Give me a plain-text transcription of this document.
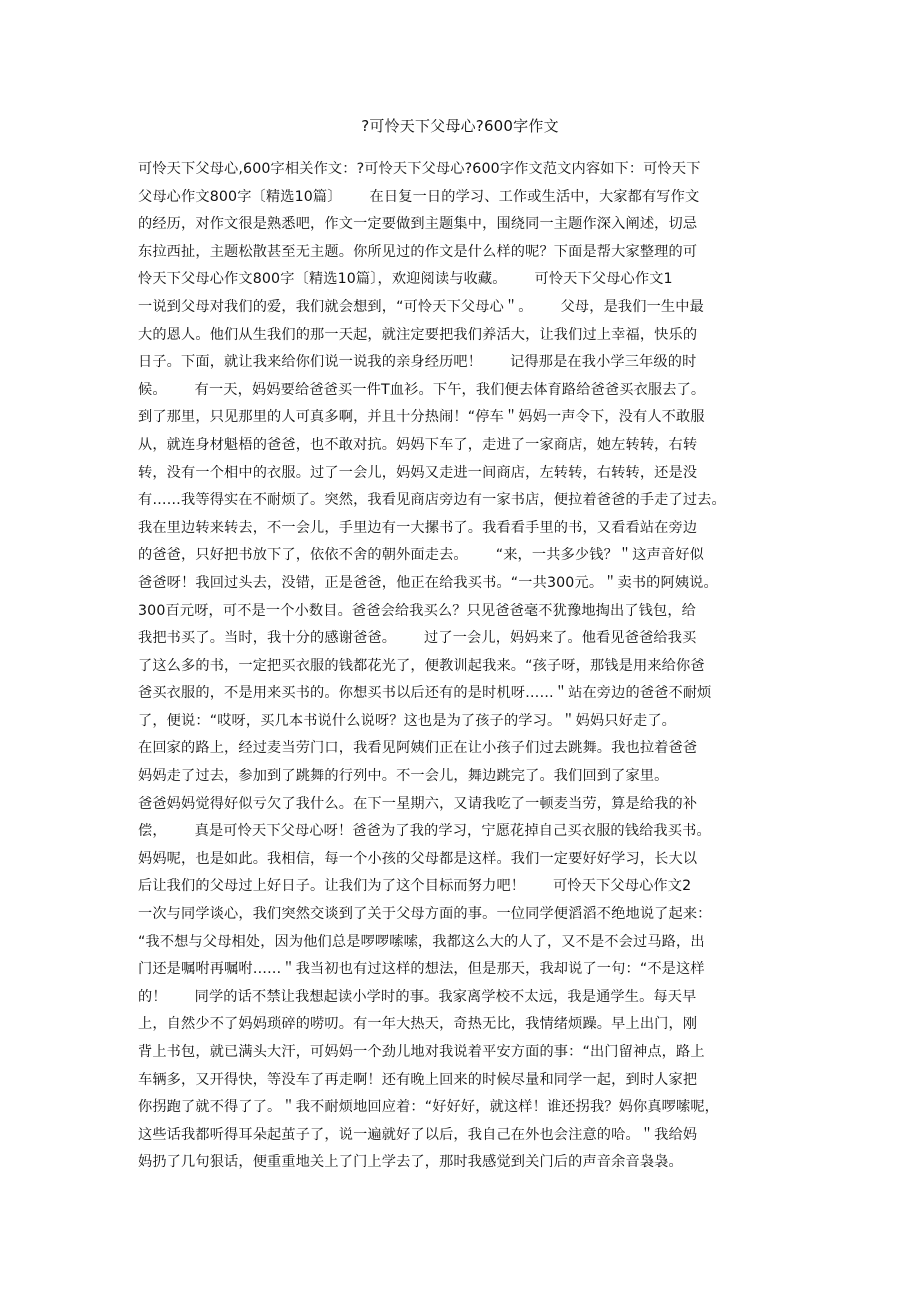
?可怜天下父母心?600字作文
可怜天下父母心,600字相关作文：?可怜天下父母心?600字作文范文内容如下：可怜天下
父母心作文800字〔精选10篇〕      在日复一日的学习、工作或生活中，大家都有写作文
的经历，对作文很是熟悉吧，作文一定要做到主题集中，围绕同一主题作深入阐述，切忌
东拉西扯，主题松散甚至无主题。你所见过的作文是什么样的呢？下面是帮大家整理的可
怜天下父母心作文800字〔精选10篇〕，欢迎阅读与收藏。      可怜天下父母心作文1
一说到父母对我们的爱，我们就会想到，“可怜天下父母心＂。      父母，是我们一生中最
大的恩人。他们从生我们的那一天起，就注定要把我们养活大，让我们过上幸福，快乐的
日子。下面，就让我来给你们说一说我的亲身经历吧！      记得那是在我小学三年级的时
候。      有一天，妈妈要给爸爸买一件T血衫。下午，我们便去体育路给爸爸买衣服去了。
到了那里，只见那里的人可真多啊，并且十分热闹！“停车＂妈妈一声令下，没有人不敢服
从，就连身材魁梧的爸爸，也不敢对抗。妈妈下车了，走进了一家商店，她左转转，右转
转，没有一个相中的衣服。过了一会儿，妈妈又走进一间商店，左转转，右转转，还是没
有……我等得实在不耐烦了。突然，我看见商店旁边有一家书店，便拉着爸爸的手走了过去。
我在里边转来转去，不一会儿，手里边有一大摞书了。我看看手里的书，又看看站在旁边
的爸爸，只好把书放下了，依依不舍的朝外面走去。      “来，一共多少钱？＂这声音好似
爸爸呀！我回过头去，没错，正是爸爸，他正在给我买书。“一共300元。＂卖书的阿姨说。
300百元呀，可不是一个小数目。爸爸会给我买么？只见爸爸毫不犹豫地掏出了钱包，给
我把书买了。当时，我十分的感谢爸爸。      过了一会儿，妈妈来了。他看见爸爸给我买
了这么多的书，一定把买衣服的钱都花光了，便教训起我来。“孩子呀，那钱是用来给你爸
爸买衣服的，不是用来买书的。你想买书以后还有的是时机呀……＂站在旁边的爸爸不耐烦
了，便说：“哎呀，买几本书说什么说呀？这也是为了孩子的学习。＂妈妈只好走了。
在回家的路上，经过麦当劳门口，我看见阿姨们正在让小孩子们过去跳舞。我也拉着爸爸
妈妈走了过去，参加到了跳舞的行列中。不一会儿，舞边跳完了。我们回到了家里。
爸爸妈妈觉得好似亏欠了我什么。在下一星期六，又请我吃了一顿麦当劳，算是给我的补
偿，      真是可怜天下父母心呀！爸爸为了我的学习，宁愿花掉自己买衣服的钱给我买书。
妈妈呢，也是如此。我相信，每一个小孩的父母都是这样。我们一定要好好学习，长大以
后让我们的父母过上好日子。让我们为了这个目标而努力吧！      可怜天下父母心作文2
一次与同学谈心，我们突然交谈到了关于父母方面的事。一位同学便滔滔不绝地说了起来：
“我不想与父母相处，因为他们总是啰啰嗦嗦，我都这么大的人了，又不是不会过马路，出
门还是嘱咐再嘱咐……＂我当初也有过这样的想法，但是那天，我却说了一句：“不是这样
的！      同学的话不禁让我想起读小学时的事。我家离学校不太远，我是通学生。每天早
上，自然少不了妈妈琐碎的唠叨。有一年大热天，奇热无比，我情绪烦躁。早上出门，刚
背上书包，就已满头大汗，可妈妈一个劲儿地对我说着平安方面的事：“出门留神点，路上
车辆多，又开得快，等没车了再走啊！还有晚上回来的时候尽量和同学一起，到时人家把
你拐跑了就不得了了。＂我不耐烦地回应着：“好好好，就这样！谁还拐我？妈你真啰嗦呢，
这些话我都听得耳朵起茧子了，说一遍就好了以后，我自己在外也会注意的哈。＂我给妈
妈扔了几句狠话，便重重地关上了门上学去了，那时我感觉到关门后的声音余音袅袅。
